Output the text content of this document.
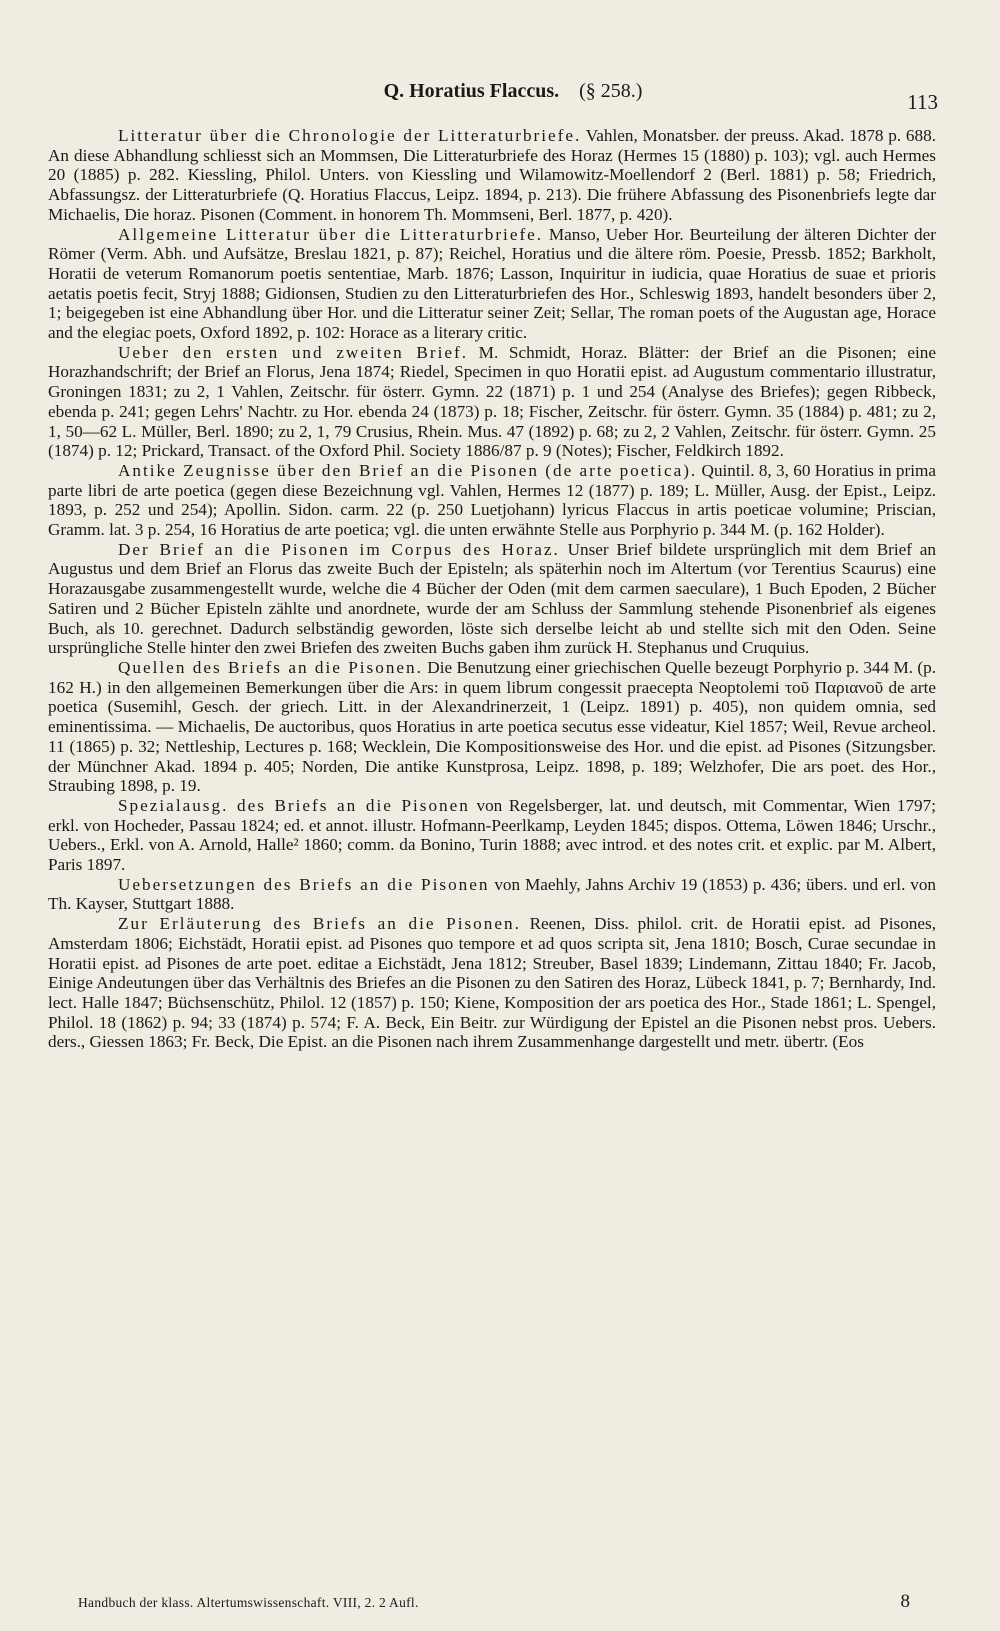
Q. Horatius Flaccus. (§ 258.)	113

Litteratur über die Chronologie der Litteraturbriefe. Vahlen, Monatsber. der preuss. Akad. 1878 p. 688. An diese Abhandlung schliesst sich an Mommsen, Die Litteraturbriefe des Horaz (Hermes 15 (1880) p. 103); vgl. auch Hermes 20 (1885) p. 282. Kiessling, Philol. Unters. von Kiessling und Wilamowitz-Moellendorf 2 (Berl. 1881) p. 58; Friedrich, Abfassungsz. der Litteraturbriefe (Q. Horatius Flaccus, Leipz. 1894, p. 213). Die frühere Abfassung des Pisonenbriefs legte dar Michaelis, Die horaz. Pisonen (Comment. in honorem Th. Mommseni, Berl. 1877, p. 420).

Allgemeine Litteratur über die Litteraturbriefe. Manso, Ueber Hor. Beurteilung der älteren Dichter der Römer (Verm. Abh. und Aufsätze, Breslau 1821, p. 87); Reichel, Horatius und die ältere röm. Poesie, Pressb. 1852; Barkholt, Horatii de veterum Romanorum poetis sententiae, Marb. 1876; Lasson, Inquiritur in iudicia, quae Horatius de suae et prioris aetatis poetis fecit, Stryj 1888; Gidionsen, Studien zu den Litteraturbriefen des Hor., Schleswig 1893, handelt besonders über 2, 1; beigegeben ist eine Abhandlung über Hor. und die Litteratur seiner Zeit; Sellar, The roman poets of the Augustan age, Horace and the elegiac poets, Oxford 1892, p. 102: Horace as a literary critic.

Ueber den ersten und zweiten Brief. M. Schmidt, Horaz. Blätter: der Brief an die Pisonen; eine Horazhandschrift; der Brief an Florus, Jena 1874; Riedel, Specimen in quo Horatii epist. ad Augustum commentario illustratur, Groningen 1831; zu 2, 1 Vahlen, Zeitschr. für österr. Gymn. 22 (1871) p. 1 und 254 (Analyse des Briefes); gegen Ribbeck, ebenda p. 241; gegen Lehrs' Nachtr. zu Hor. ebenda 24 (1873) p. 18; Fischer, Zeitschr. für österr. Gymn. 35 (1884) p. 481; zu 2, 1, 50—62 L. Müller, Berl. 1890; zu 2, 1, 79 Crusius, Rhein. Mus. 47 (1892) p. 68; zu 2, 2 Vahlen, Zeitschr. für österr. Gymn. 25 (1874) p. 12; Prickard, Transact. of the Oxford Phil. Society 1886/87 p. 9 (Notes); Fischer, Feldkirch 1892.

Antike Zeugnisse über den Brief an die Pisonen (de arte poetica). Quintil. 8, 3, 60 Horatius in prima parte libri de arte poetica (gegen diese Bezeichnung vgl. Vahlen, Hermes 12 (1877) p. 189; L. Müller, Ausg. der Epist., Leipz. 1893, p. 252 und 254); Apollin. Sidon. carm. 22 (p. 250 Luetjohann) lyricus Flaccus in artis poeticae volumine; Priscian, Gramm. lat. 3 p. 254, 16 Horatius de arte poetica; vgl. die unten erwähnte Stelle aus Porphyrio p. 344 M. (p. 162 Holder).

Der Brief an die Pisonen im Corpus des Horaz. Unser Brief bildete ursprünglich mit dem Brief an Augustus und dem Brief an Florus das zweite Buch der Episteln; als späterhin noch im Altertum (vor Terentius Scaurus) eine Horazausgabe zusammengestellt wurde, welche die 4 Bücher der Oden (mit dem carmen saeculare), 1 Buch Epoden, 2 Bücher Satiren und 2 Bücher Episteln zählte und anordnete, wurde der am Schluss der Sammlung stehende Pisonenbrief als eigenes Buch, als 10. gerechnet. Dadurch selbständig geworden, löste sich derselbe leicht ab und stellte sich mit den Oden. Seine ursprüngliche Stelle hinter den zwei Briefen des zweiten Buchs gaben ihm zurück H. Stephanus und Cruquius.

Quellen des Briefs an die Pisonen. Die Benutzung einer griechischen Quelle bezeugt Porphyrio p. 344 M. (p. 162 H.) in den allgemeinen Bemerkungen über die Ars: in quem librum congessit praecepta Neoptolemi τοῦ Παριανοῦ de arte poetica (Susemihl, Gesch. der griech. Litt. in der Alexandrinerzeit, 1 (Leipz. 1891) p. 405), non quidem omnia, sed eminentissima. — Michaelis, De auctoribus, quos Horatius in arte poetica secutus esse videatur, Kiel 1857; Weil, Revue archeol. 11 (1865) p. 32; Nettleship, Lectures p. 168; Wecklein, Die Kompositionsweise des Hor. und die epist. ad Pisones (Sitzungsber. der Münchner Akad. 1894 p. 405; Norden, Die antike Kunstprosa, Leipz. 1898, p. 189; Welzhofer, Die ars poet. des Hor., Straubing 1898, p. 19.

Spezialausg. des Briefs an die Pisonen von Regelsberger, lat. und deutsch, mit Commentar, Wien 1797; erkl. von Hocheder, Passau 1824; ed. et annot. illustr. Hofmann-Peerlkamp, Leyden 1845; dispos. Ottema, Löwen 1846; Urschr., Uebers., Erkl. von A. Arnold, Halle² 1860; comm. da Bonino, Turin 1888; avec introd. et des notes crit. et explic. par M. Albert, Paris 1897.

Uebersetzungen des Briefs an die Pisonen von Maehly, Jahns Archiv 19 (1853) p. 436; übers. und erl. von Th. Kayser, Stuttgart 1888.

Zur Erläuterung des Briefs an die Pisonen. Reenen, Diss. philol. crit. de Horatii epist. ad Pisones, Amsterdam 1806; Eichstädt, Horatii epist. ad Pisones quo tempore et ad quos scripta sit, Jena 1810; Bosch, Curae secundae in Horatii epist. ad Pisones de arte poet. editae a Eichstädt, Jena 1812; Streuber, Basel 1839; Lindemann, Zittau 1840; Fr. Jacob, Einige Andeutungen über das Verhältnis des Briefes an die Pisonen zu den Satiren des Horaz, Lübeck 1841, p. 7; Bernhardy, Ind. lect. Halle 1847; Büchsenschütz, Philol. 12 (1857) p. 150; Kiene, Komposition der ars poetica des Hor., Stade 1861; L. Spengel, Philol. 18 (1862) p. 94; 33 (1874) p. 574; F. A. Beck, Ein Beitr. zur Würdigung der Epistel an die Pisonen nebst pros. Uebers. ders., Giessen 1863; Fr. Beck, Die Epist. an die Pisonen nach ihrem Zusammenhange dargestellt und metr. übertr. (Eos

Handbuch der klass. Altertumswissenschaft. VIII, 2. 2 Aufl.	8
